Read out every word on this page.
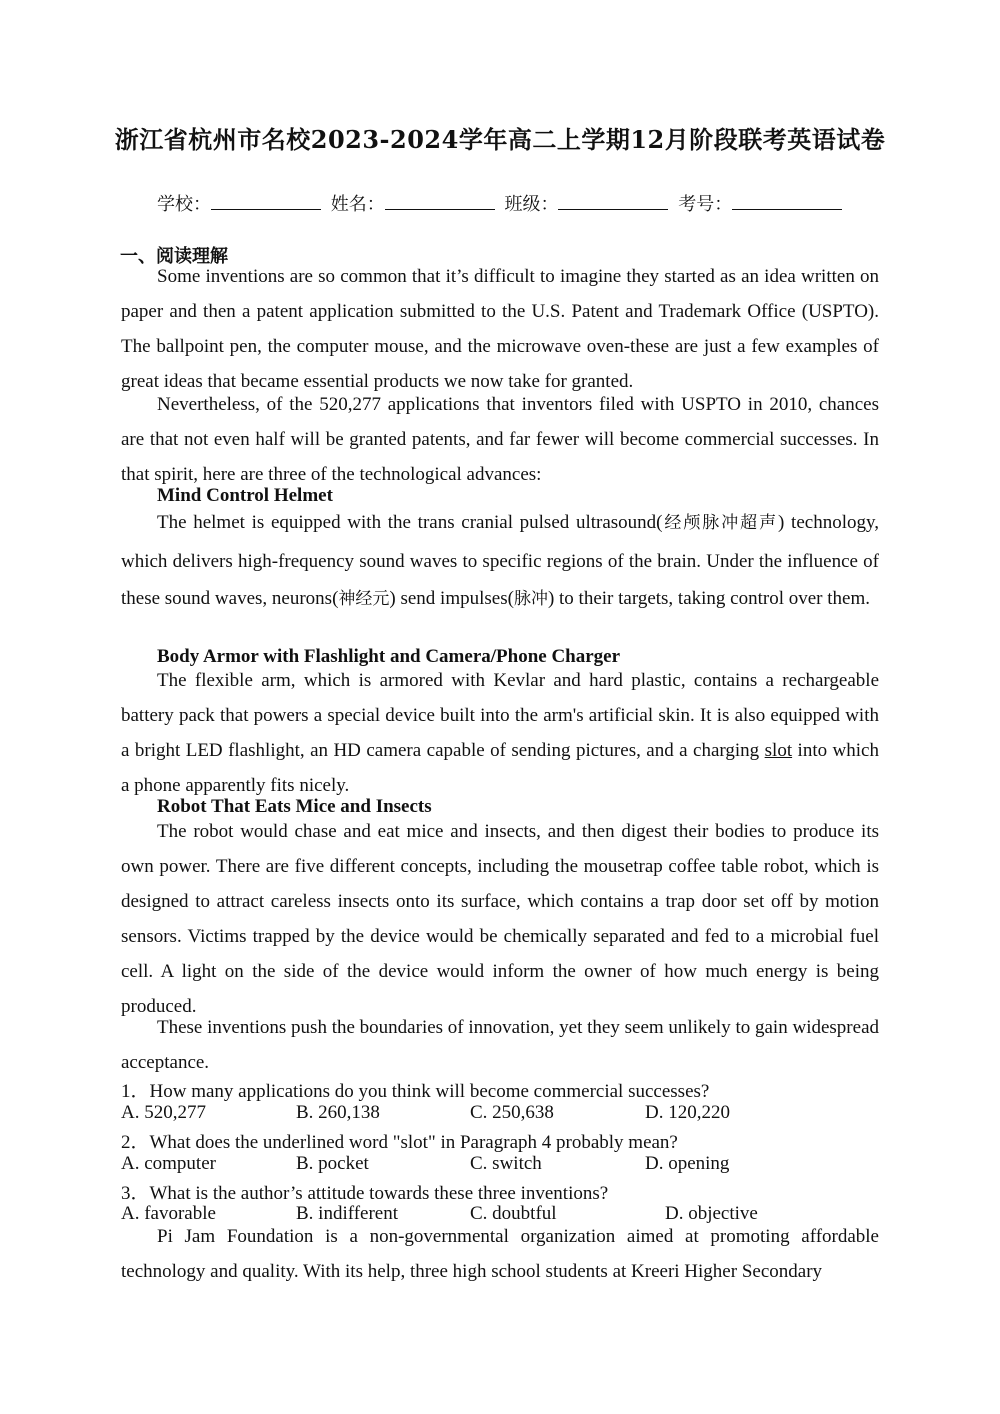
浙江省杭州市名校2023-2024学年高二上学期12月阶段联考英语试卷
学校：	姓名：	班级：	考号：
一、阅读理解
Some inventions are so common that it’s difficult to imagine they started as an idea written on paper and then a patent application submitted to the U.S. Patent and Trademark Office (USPTO). The ballpoint pen, the computer mouse, and the microwave oven-these are just a few examples of great ideas that became essential products we now take for granted.
Nevertheless, of the 520,277 applications that inventors filed with USPTO in 2010, chances are that not even half will be granted patents, and far fewer will become commercial successes. In that spirit, here are three of the technological advances:
Mind Control Helmet
The helmet is equipped with the trans cranial pulsed ultrasound(经颅脉冲超声) technology, which delivers high-frequency sound waves to specific regions of the brain. Under the influence of these sound waves, neurons(神经元) send impulses(脉冲) to their targets, taking control over them.
Body Armor with Flashlight and Camera/Phone Charger
The flexible arm, which is armored with Kevlar and hard plastic, contains a rechargeable battery pack that powers a special device built into the arm's artificial skin. It is also equipped with a bright LED flashlight, an HD camera capable of sending pictures, and a charging slot into which a phone apparently fits nicely.
Robot That Eats Mice and Insects
The robot would chase and eat mice and insects, and then digest their bodies to produce its own power. There are five different concepts, including the mousetrap coffee table robot, which is designed to attract careless insects onto its surface, which contains a trap door set off by motion sensors. Victims trapped by the device would be chemically separated and fed to a microbial fuel cell. A light on the side of the device would inform the owner of how much energy is being produced.
These inventions push the boundaries of innovation, yet they seem unlikely to gain widespread acceptance.
1．How many applications do you think will become commercial successes?
A. 520,277	B. 260,138	C. 250,638	D. 120,220
2．What does the underlined word "slot" in Paragraph 4 probably mean?
A. computer	B. pocket	C. switch	D. opening
3．What is the author’s attitude towards these three inventions?
A. favorable	B. indifferent	C. doubtful	D. objective
Pi Jam Foundation is a non-governmental organization aimed at promoting affordable technology and quality. With its help, three high school students at Kreeri Higher Secondary
